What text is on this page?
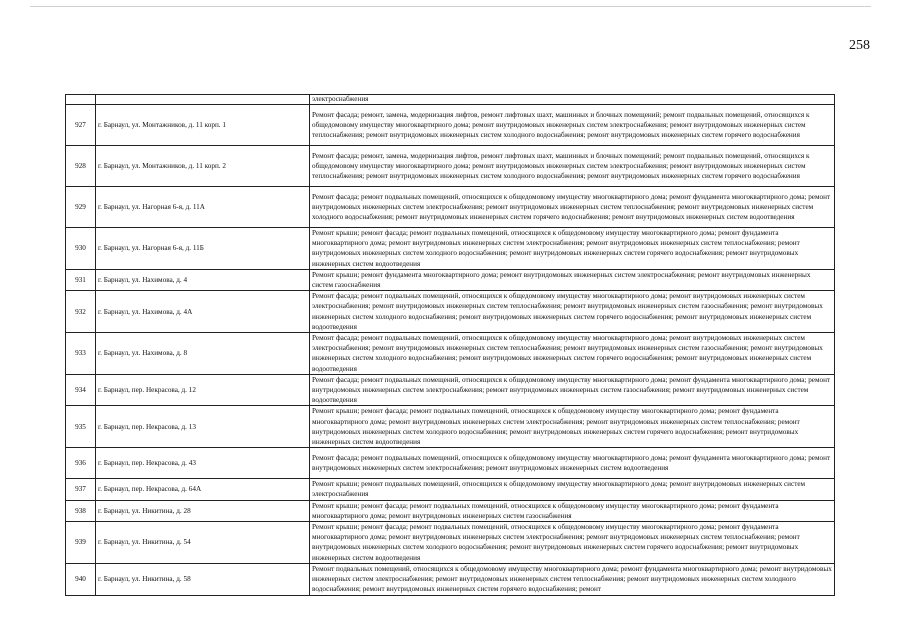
258
		электроснабжения
927	г. Барнаул, ул. Монтажников, д. 11 корп. 1	Ремонт фасада; ремонт, замена, модернизация лифтов, ремонт лифтовых шахт, машинных и блочных помещений; ремонт подвальных помещений, относящихся к общедомовому имуществу многоквартирного дома; ремонт внутридомовых инженерных систем электроснабжения; ремонт внутридомовых инженерных систем теплоснабжения; ремонт внутридомовых инженерных систем холодного водоснабжения; ремонт внутридомовых инженерных систем горячего водоснабжения
928	г. Барнаул, ул. Монтажников, д. 11 корп. 2	Ремонт фасада; ремонт, замена, модернизация лифтов, ремонт лифтовых шахт, машинных и блочных помещений; ремонт подвальных помещений, относящихся к общедомовому имуществу многоквартирного дома; ремонт внутридомовых инженерных систем электроснабжения; ремонт внутридомовых инженерных систем теплоснабжения; ремонт внутридомовых инженерных систем холодного водоснабжения; ремонт внутридомовых инженерных систем горячего водоснабжения
929	г. Барнаул, ул. Нагорная 6-я, д. 11А	Ремонт фасада; ремонт подвальных помещений, относящихся к общедомовому имуществу многоквартирного дома; ремонт фундамента многоквартирного дома; ремонт внутридомовых инженерных систем электроснабжения; ремонт внутридомовых инженерных систем теплоснабжения; ремонт внутридомовых инженерных систем холодного водоснабжения; ремонт внутридомовых инженерных систем горячего водоснабжения; ремонт внутридомовых инженерных систем водоотведения
930	г. Барнаул, ул. Нагорная 6-я, д. 11Б	Ремонт крыши; ремонт фасада; ремонт подвальных помещений, относящихся к общедомовому имуществу многоквартирного дома; ремонт фундамента многоквартирного дома; ремонт внутридомовых инженерных систем электроснабжения; ремонт внутридомовых инженерных систем теплоснабжения; ремонт внутридомовых инженерных систем холодного водоснабжения; ремонт внутридомовых инженерных систем горячего водоснабжения; ремонт внутридомовых инженерных систем водоотведения
931	г. Барнаул, ул. Нахимова, д. 4	Ремонт крыши; ремонт фундамента многоквартирного дома; ремонт внутридомовых инженерных систем электроснабжения; ремонт внутридомовых инженерных систем газоснабжения
932	г. Барнаул, ул. Нахимова, д. 4А	Ремонт фасада; ремонт подвальных помещений, относящихся к общедомовому имуществу многоквартирного дома; ремонт внутридомовых инженерных систем электроснабжения; ремонт внутридомовых инженерных систем теплоснабжения; ремонт внутридомовых инженерных систем газоснабжения; ремонт внутридомовых инженерных систем холодного водоснабжения; ремонт внутридомовых инженерных систем горячего водоснабжения; ремонт внутридомовых инженерных систем водоотведения
933	г. Барнаул, ул. Нахимова, д. 8	Ремонт фасада; ремонт подвальных помещений, относящихся к общедомовому имуществу многоквартирного дома; ремонт внутридомовых инженерных систем электроснабжения; ремонт внутридомовых инженерных систем теплоснабжения; ремонт внутридомовых инженерных систем газоснабжения; ремонт внутридомовых инженерных систем холодного водоснабжения; ремонт внутридомовых инженерных систем горячего водоснабжения; ремонт внутридомовых инженерных систем водоотведения
934	г. Барнаул, пер. Некрасова, д. 12	Ремонт фасада; ремонт подвальных помещений, относящихся к общедомовому имуществу многоквартирного дома; ремонт фундамента многоквартирного дома; ремонт внутридомовых инженерных систем электроснабжения; ремонт внутридомовых инженерных систем газоснабжения; ремонт внутридомовых инженерных систем водоотведения
935	г. Барнаул, пер. Некрасова, д. 13	Ремонт крыши; ремонт фасада; ремонт подвальных помещений, относящихся к общедомовому имуществу многоквартирного дома; ремонт фундамента многоквартирного дома; ремонт внутридомовых инженерных систем электроснабжения; ремонт внутридомовых инженерных систем теплоснабжения; ремонт внутридомовых инженерных систем холодного водоснабжения; ремонт внутридомовых инженерных систем горячего водоснабжения; ремонт внутридомовых инженерных систем водоотведения
936	г. Барнаул, пер. Некрасова, д. 43	Ремонт фасада; ремонт подвальных помещений, относящихся к общедомовому имуществу многоквартирного дома; ремонт фундамента многоквартирного дома; ремонт внутридомовых инженерных систем электроснабжения; ремонт внутридомовых инженерных систем водоотведения
937	г. Барнаул, пер. Некрасова, д. 64А	Ремонт крыши; ремонт подвальных помещений, относящихся к общедомовому имуществу многоквартирного дома; ремонт внутридомовых инженерных систем электроснабжения
938	г. Барнаул, ул. Никитина, д. 28	Ремонт крыши; ремонт фасада; ремонт подвальных помещений, относящихся к общедомовому имуществу многоквартирного дома; ремонт фундамента многоквартирного дома; ремонт внутридомовых инженерных систем газоснабжения
939	г. Барнаул, ул. Никитина, д. 54	Ремонт крыши; ремонт фасада; ремонт подвальных помещений, относящихся к общедомовому имуществу многоквартирного дома; ремонт фундамента многоквартирного дома; ремонт внутридомовых инженерных систем электроснабжения; ремонт внутридомовых инженерных систем теплоснабжения; ремонт внутридомовых инженерных систем холодного водоснабжения; ремонт внутридомовых инженерных систем горячего водоснабжения; ремонт внутридомовых инженерных систем водоотведения
940	г. Барнаул, ул. Никитина, д. 58	Ремонт подвальных помещений, относящихся к общедомовому имуществу многоквартирного дома; ремонт фундамента многоквартирного дома; ремонт внутридомовых инженерных систем электроснабжения; ремонт внутридомовых инженерных систем теплоснабжения; ремонт внутридомовых инженерных систем холодного водоснабжения; ремонт внутридомовых инженерных систем горячего водоснабжения; ремонт
